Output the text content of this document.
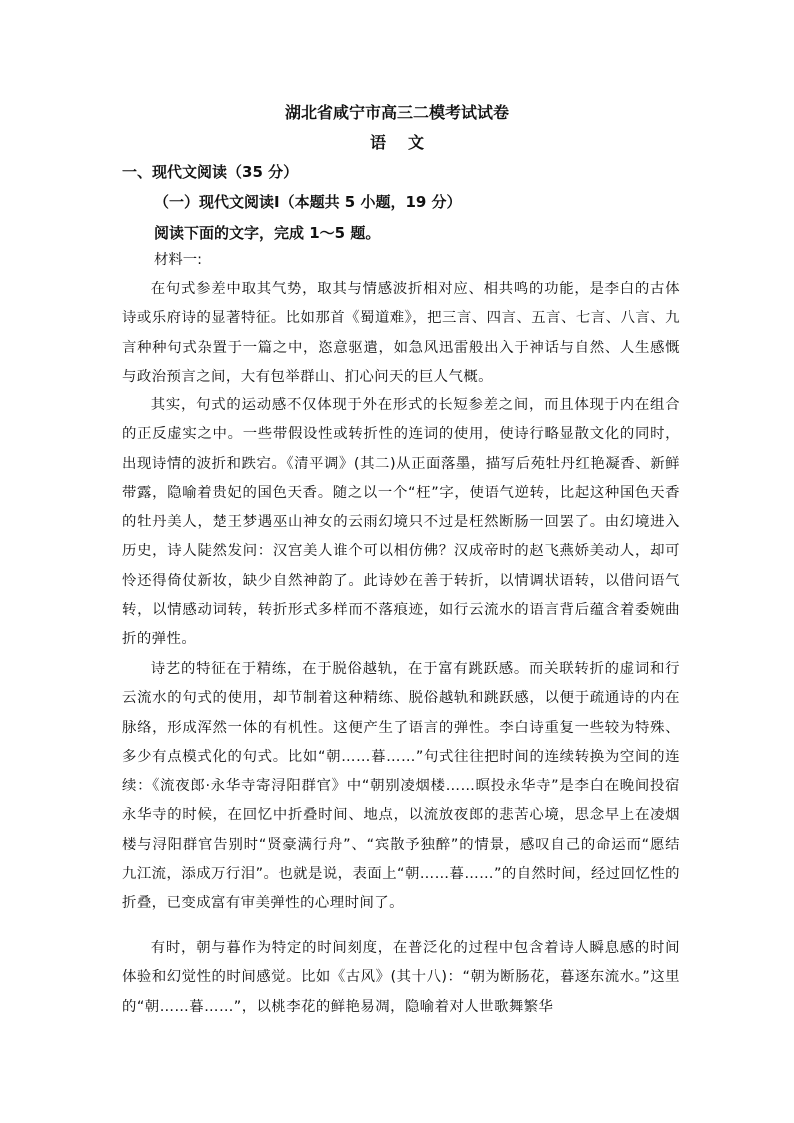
湖北省咸宁市高三二模考试试卷
语 文
一、现代文阅读（35 分）
（一）现代文阅读Ⅰ（本题共 5 小题，19 分）
阅读下面的文字，完成 1～5 题。
材料一:

在句式参差中取其气势，取其与情感波折相对应、相共鸣的功能，是李白的古体诗或乐府诗的显著特征。比如那首《蜀道难》，把三言、四言、五言、七言、八言、九言种种句式杂置于一篇之中，恣意驱遣，如急风迅雷般出入于神话与自然、人生感慨与政治预言之间，大有包举群山、扪心问天的巨人气概。

其实，句式的运动感不仅体现于外在形式的长短参差之间，而且体现于内在组合的正反虚实之中。一些带假设性或转折性的连词的使用，使诗行略显散文化的同时，出现诗情的波折和跌宕。《清平调》(其二)从正面落墨，描写后苑牡丹红艳凝香、新鲜带露，隐喻着贵妃的国色天香。随之以一个“枉”字，使语气逆转，比起这种国色天香的牡丹美人，楚王梦遇巫山神女的云雨幻境只不过是枉然断肠一回罢了。由幻境进入历史，诗人陡然发问：汉宫美人谁个可以相仿佛？汉成帝时的赵飞燕娇美动人，却可怜还得倚仗新妆，缺少自然神韵了。此诗妙在善于转折，以情调状语转，以借问语气转，以情感动词转，转折形式多样而不落痕迹，如行云流水的语言背后蕴含着委婉曲折的弹性。

诗艺的特征在于精练，在于脱俗越轨，在于富有跳跃感。而关联转折的虚词和行云流水的句式的使用，却节制着这种精练、脱俗越轨和跳跃感，以便于疏通诗的内在脉络，形成浑然一体的有机性。这便产生了语言的弹性。李白诗重复一些较为特殊、多少有点模式化的句式。比如“朝……暮……”句式往往把时间的连续转换为空间的连续：《流夜郎·永华寺寄浔阳群官》中“朝别凌烟楼……暝投永华寺”是李白在晚间投宿永华寺的时候，在回忆中折叠时间、地点，以流放夜郎的悲苦心境，思念早上在凌烟楼与浔阳群官告别时“贤豪满行舟”、“宾散予独醉”的情景，感叹自己的命运而“愿结九江流，添成万行泪”。也就是说，表面上“朝……暮……”的自然时间，经过回忆性的折叠，已变成富有审美弹性的心理时间了。

有时，朝与暮作为特定的时间刻度，在普泛化的过程中包含着诗人瞬息感的时间体验和幻觉性的时间感觉。比如《古风》(其十八)：“朝为断肠花，暮逐东流水。”这里的“朝……暮……”，以桃李花的鲜艳易凋，隐喻着对人世歌舞繁华
